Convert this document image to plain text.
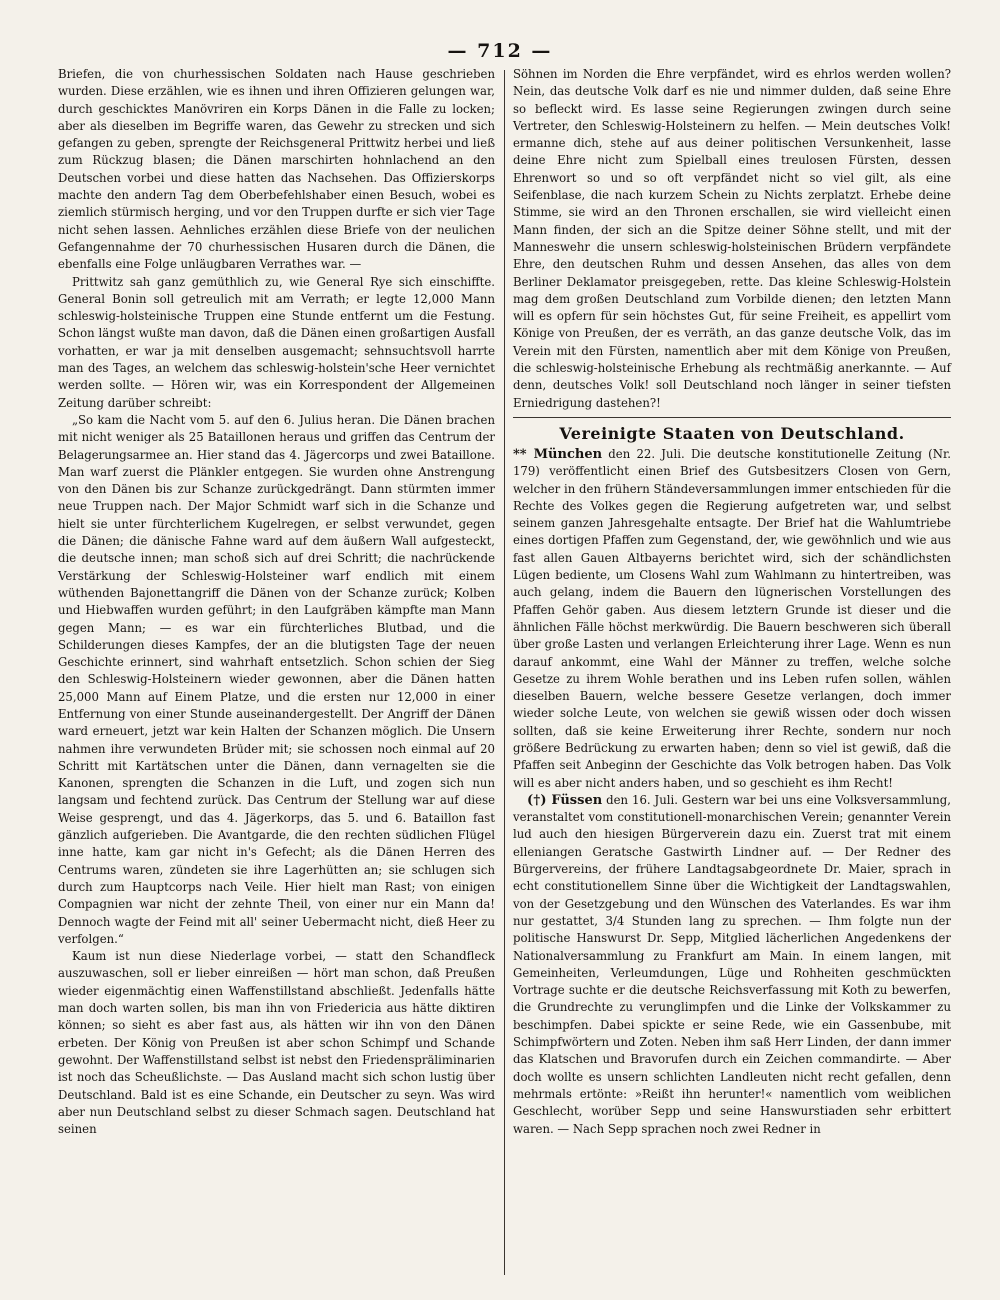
— 712 —

Briefen, die von churhessischen Soldaten nach Hause geschrieben wurden. Diese erzählen, wie es ihnen und ihren Offizieren gelungen war, durch geschicktes Manövriren ein Korps Dänen in die Falle zu locken; aber als dieselben im Begriffe waren, das Gewehr zu strecken und sich gefangen zu geben, sprengte der Reichsgeneral Prittwitz herbei und ließ zum Rückzug blasen; die Dänen marschirten hohnlachend an den Deutschen vorbei und diese hatten das Nachsehen. Das Offizierskorps machte den andern Tag dem Oberbefehlshaber einen Besuch, wobei es ziemlich stürmisch herging, und vor den Truppen durfte er sich vier Tage nicht sehen lassen. Aehnliches erzählen diese Briefe von der neulichen Gefangennahme der 70 churhessischen Husaren durch die Dänen, die ebenfalls eine Folge unläugbaren Verrathes war. —

Prittwitz sah ganz gemüthlich zu, wie General Rye sich einschiffte. General Bonin soll getreulich mit am Verrath; er legte 12,000 Mann schleswig-holsteinische Truppen eine Stunde entfernt um die Festung. Schon längst wußte man davon, daß die Dänen einen großartigen Ausfall vorhatten, er war ja mit denselben ausgemacht; sehnsuchtsvoll harrte man des Tages, an welchem das schleswig-holstein'sche Heer vernichtet werden sollte. — Hören wir, was ein Korrespondent der Allgemeinen Zeitung darüber schreibt:

„So kam die Nacht vom 5. auf den 6. Julius heran. Die Dänen brachen mit nicht weniger als 25 Bataillonen heraus und griffen das Centrum der Belagerungsarmee an. Hier stand das 4. Jägercorps und zwei Bataillone. Man warf zuerst die Plänkler entgegen. Sie wurden ohne Anstrengung von den Dänen bis zur Schanze zurückgedrängt. Dann stürmten immer neue Truppen nach. Der Major Schmidt warf sich in die Schanze und hielt sie unter fürchterlichem Kugelregen, er selbst verwundet, gegen die Dänen; die dänische Fahne ward auf dem äußern Wall aufgesteckt, die deutsche innen; man schoß sich auf drei Schritt; die nachrückende Verstärkung der Schleswig-Holsteiner warf endlich mit einem wüthenden Bajonettangriff die Dänen von der Schanze zurück; Kolben und Hiebwaffen wurden geführt; in den Laufgräben kämpfte man Mann gegen Mann; — es war ein fürchterliches Blutbad, und die Schilderungen dieses Kampfes, der an die blutigsten Tage der neuen Geschichte erinnert, sind wahrhaft entsetzlich. Schon schien der Sieg den Schleswig-Holsteinern wieder gewonnen, aber die Dänen hatten 25,000 Mann auf Einem Platze, und die ersten nur 12,000 in einer Entfernung von einer Stunde auseinandergestellt. Der Angriff der Dänen ward erneuert, jetzt war kein Halten der Schanzen möglich. Die Unsern nahmen ihre verwundeten Brüder mit; sie schossen noch einmal auf 20 Schritt mit Kartätschen unter die Dänen, dann vernagelten sie die Kanonen, sprengten die Schanzen in die Luft, und zogen sich nun langsam und fechtend zurück. Das Centrum der Stellung war auf diese Weise gesprengt, und das 4. Jägerkorps, das 5. und 6. Bataillon fast gänzlich aufgerieben. Die Avantgarde, die den rechten südlichen Flügel inne hatte, kam gar nicht in's Gefecht; als die Dänen Herren des Centrums waren, zündeten sie ihre Lagerhütten an; sie schlugen sich durch zum Hauptcorps nach Veile. Hier hielt man Rast; von einigen Compagnien war nicht der zehnte Theil, von einer nur ein Mann da! Dennoch wagte der Feind mit all' seiner Uebermacht nicht, dieß Heer zu verfolgen.“

Kaum ist nun diese Niederlage vorbei, — statt den Schandfleck auszuwaschen, soll er lieber einreißen — hört man schon, daß Preußen wieder eigenmächtig einen Waffenstillstand abschließt. Jedenfalls hätte man doch warten sollen, bis man ihn von Friedericia aus hätte diktiren können; so sieht es aber fast aus, als hätten wir ihn von den Dänen erbeten. Der König von Preußen ist aber schon Schimpf und Schande gewohnt. Der Waffenstillstand selbst ist nebst den Friedenspräliminarien ist noch das Scheußlichste. — Das Ausland macht sich schon lustig über Deutschland. Bald ist es eine Schande, ein Deutscher zu seyn. Was wird aber nun Deutschland selbst zu dieser Schmach sagen. Deutschland hat seinen

Söhnen im Norden die Ehre verpfändet, wird es ehrlos werden wollen? Nein, das deutsche Volk darf es nie und nimmer dulden, daß seine Ehre so befleckt wird. Es lasse seine Regierungen zwingen durch seine Vertreter, den Schleswig-Holsteinern zu helfen. — Mein deutsches Volk! ermanne dich, stehe auf aus deiner politischen Versunkenheit, lasse deine Ehre nicht zum Spielball eines treulosen Fürsten, dessen Ehrenwort so und so oft verpfändet nicht so viel gilt, als eine Seifenblase, die nach kurzem Schein zu Nichts zerplatzt. Erhebe deine Stimme, sie wird an den Thronen erschallen, sie wird vielleicht einen Mann finden, der sich an die Spitze deiner Söhne stellt, und mit der Manneswehr die unsern schleswig-holsteinischen Brüdern verpfändete Ehre, den deutschen Ruhm und dessen Ansehen, das alles von dem Berliner Deklamator preisgegeben, rette. Das kleine Schleswig-Holstein mag dem großen Deutschland zum Vorbilde dienen; den letzten Mann will es opfern für sein höchstes Gut, für seine Freiheit, es appellirt vom Könige von Preußen, der es verräth, an das ganze deutsche Volk, das im Verein mit den Fürsten, namentlich aber mit dem Könige von Preußen, die schleswig-holsteinische Erhebung als rechtmäßig anerkannte. — Auf denn, deutsches Volk! soll Deutschland noch länger in seiner tiefsten Erniedrigung dastehen?!

Vereinigte Staaten von Deutschland.

** München den 22. Juli. Die deutsche konstitutionelle Zeitung (Nr. 179) veröffentlicht einen Brief des Gutsbesitzers Closen von Gern, welcher in den frühern Ständeversammlungen immer entschieden für die Rechte des Volkes gegen die Regierung aufgetreten war, und selbst seinem ganzen Jahresgehalte entsagte. Der Brief hat die Wahlumtriebe eines dortigen Pfaffen zum Gegenstand, der, wie gewöhnlich und wie aus fast allen Gauen Altbayerns berichtet wird, sich der schändlichsten Lügen bediente, um Closens Wahl zum Wahlmann zu hintertreiben, was auch gelang, indem die Bauern den lügnerischen Vorstellungen des Pfaffen Gehör gaben. Aus diesem letztern Grunde ist dieser und die ähnlichen Fälle höchst merkwürdig. Die Bauern beschweren sich überall über große Lasten und verlangen Erleichterung ihrer Lage. Wenn es nun darauf ankommt, eine Wahl der Männer zu treffen, welche solche Gesetze zu ihrem Wohle berathen und ins Leben rufen sollen, wählen dieselben Bauern, welche bessere Gesetze verlangen, doch immer wieder solche Leute, von welchen sie gewiß wissen oder doch wissen sollten, daß sie keine Erweiterung ihrer Rechte, sondern nur noch größere Bedrückung zu erwarten haben; denn so viel ist gewiß, daß die Pfaffen seit Anbeginn der Geschichte das Volk betrogen haben. Das Volk will es aber nicht anders haben, und so geschieht es ihm Recht!

(†) Füssen den 16. Juli. Gestern war bei uns eine Volksversammlung, veranstaltet vom constitutionell-monarchischen Verein; genannter Verein lud auch den hiesigen Bürgerverein dazu ein. Zuerst trat mit einem elleniangen Geratsche Gastwirth Lindner auf. — Der Redner des Bürgervereins, der frühere Landtagsabgeordnete Dr. Maier, sprach in echt constitutionellem Sinne über die Wichtigkeit der Landtagswahlen, von der Gesetzgebung und den Wünschen des Vaterlandes. Es war ihm nur gestattet, 3/4 Stunden lang zu sprechen. — Ihm folgte nun der politische Hanswurst Dr. Sepp, Mitglied lächerlichen Angedenkens der Nationalversammlung zu Frankfurt am Main. In einem langen, mit Gemeinheiten, Verleumdungen, Lüge und Rohheiten geschmückten Vortrage suchte er die deutsche Reichsverfassung mit Koth zu bewerfen, die Grundrechte zu verunglimpfen und die Linke der Volkskammer zu beschimpfen. Dabei spickte er seine Rede, wie ein Gassenbube, mit Schimpfwörtern und Zoten. Neben ihm saß Herr Linden, der dann immer das Klatschen und Bravorufen durch ein Zeichen commandirte. — Aber doch wollte es unsern schlichten Landleuten nicht recht gefallen, denn mehrmals ertönte: »Reißt ihn herunter!« namentlich vom weiblichen Geschlecht, worüber Sepp und seine Hanswurstiaden sehr erbittert waren. — Nach Sepp sprachen noch zwei Redner in
